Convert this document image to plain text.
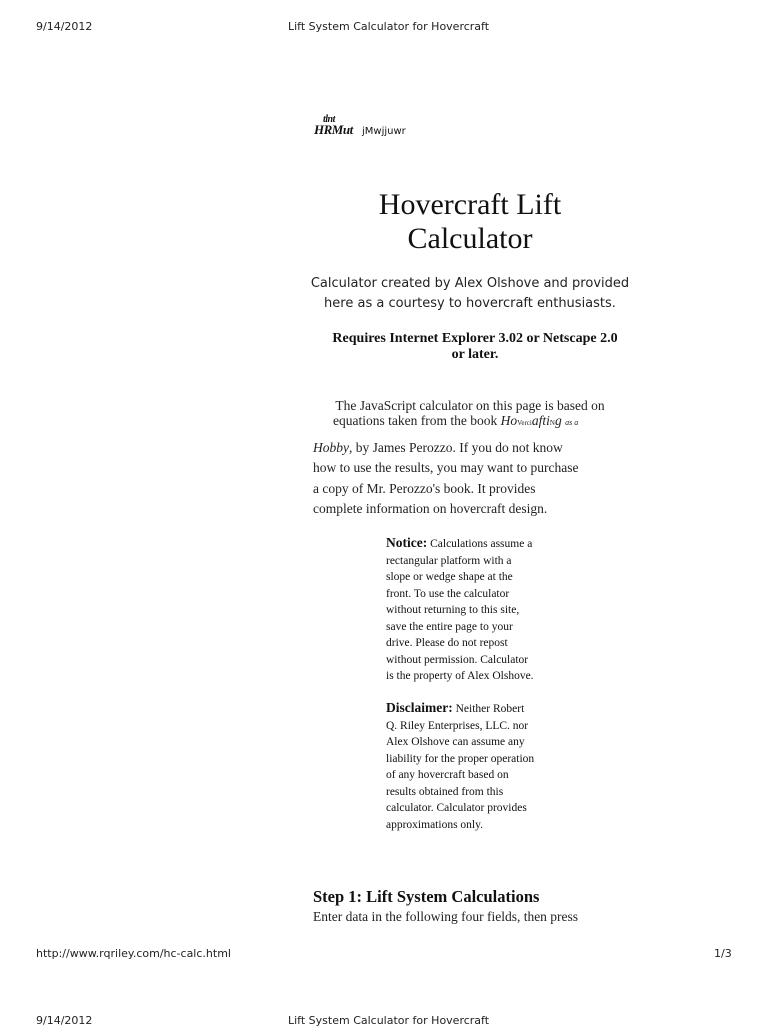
9/14/2012	Lift System Calculator for Hovercraft
tlnt
HRMut jMwjjuwr
Hovercraft Lift
Calculator
Calculator created by Alex Olshove and provided
here as a courtesy to hovercraft enthusiasts.
Requires Internet Explorer 3.02 or Netscape 2.0
or later.
The JavaScript calculator on this page is based on
equations taken from the book HoVerciaftiNg as a
Hobby, by James Perozzo. If you do not know
how to use the results, you may want to purchase
a copy of Mr. Perozzo's book. It provides
complete information on hovercraft design.
Notice: Calculations assume a
rectangular platform with a
slope or wedge shape at the
front. To use the calculator
without returning to this site,
save the entire page to your
drive. Please do not repost
without permission. Calculator
is the property of Alex Olshove.
Disclaimer: Neither Robert
Q. Riley Enterprises, LLC. nor
Alex Olshove can assume any
liability for the proper operation
of any hovercraft based on
results obtained from this
calculator. Calculator provides
approximations only.
Step 1: Lift System Calculations
Enter data in the following four fields, then press
http://www.rqriley.com/hc-calc.html	1/3
9/14/2012	Lift System Calculator for Hovercraft
